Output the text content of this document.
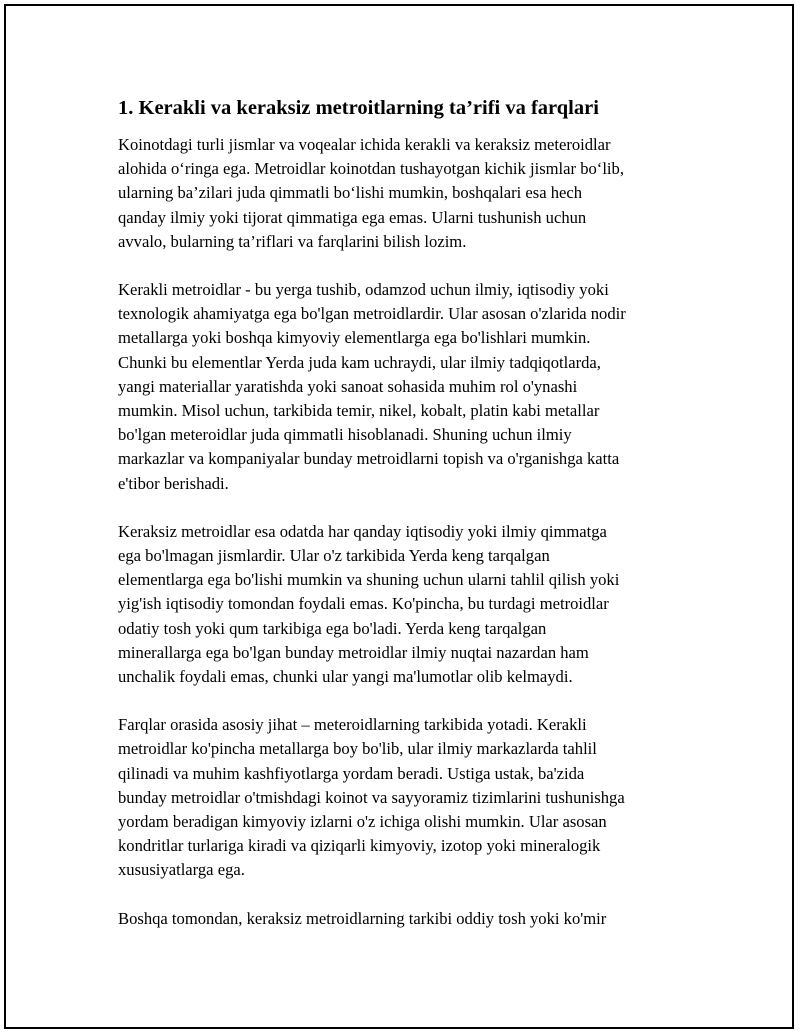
1. Kerakli va keraksiz metroitlarning ta’rifi va farqlari
Koinotdagi turli jismlar va voqealar ichida kerakli va keraksiz meteroidlar
alohida o‘ringa ega. Metroidlar koinotdan tushayotgan kichik jismlar bo‘lib,
ularning ba’zilari juda qimmatli bo‘lishi mumkin, boshqalari esa hech
qanday ilmiy yoki tijorat qimmatiga ega emas. Ularni tushunish uchun
avvalo, bularning ta’riflari va farqlarini bilish lozim.
Kerakli metroidlar - bu yerga tushib, odamzod uchun ilmiy, iqtisodiy yoki
texnologik ahamiyatga ega bo'lgan metroidlardir. Ular asosan o'zlarida nodir
metallarga yoki boshqa kimyoviy elementlarga ega bo'lishlari mumkin.
Chunki bu elementlar Yerda juda kam uchraydi, ular ilmiy tadqiqotlarda,
yangi materiallar yaratishda yoki sanoat sohasida muhim rol o'ynashi
mumkin. Misol uchun, tarkibida temir, nikel, kobalt, platin kabi metallar
bo'lgan meteroidlar juda qimmatli hisoblanadi. Shuning uchun ilmiy
markazlar va kompaniyalar bunday metroidlarni topish va o'rganishga katta
e'tibor berishadi.
Keraksiz metroidlar esa odatda har qanday iqtisodiy yoki ilmiy qimmatga
ega bo'lmagan jismlardir. Ular o'z tarkibida Yerda keng tarqalgan
elementlarga ega bo'lishi mumkin va shuning uchun ularni tahlil qilish yoki
yig'ish iqtisodiy tomondan foydali emas. Ko'pincha, bu turdagi metroidlar
odatiy tosh yoki qum tarkibiga ega bo'ladi. Yerda keng tarqalgan
minerallarga ega bo'lgan bunday metroidlar ilmiy nuqtai nazardan ham
unchalik foydali emas, chunki ular yangi ma'lumotlar olib kelmaydi.
Farqlar orasida asosiy jihat – meteroidlarning tarkibida yotadi. Kerakli
metroidlar ko'pincha metallarga boy bo'lib, ular ilmiy markazlarda tahlil
qilinadi va muhim kashfiyotlarga yordam beradi. Ustiga ustak, ba'zida
bunday metroidlar o'tmishdagi koinot va sayyoramiz tizimlarini tushunishga
yordam beradigan kimyoviy izlarni o'z ichiga olishi mumkin. Ular asosan
kondritlar turlariga kiradi va qiziqarli kimyoviy, izotop yoki mineralogik
xususiyatlarga ega.
Boshqa tomondan, keraksiz metroidlarning tarkibi oddiy tosh yoki ko'mir
